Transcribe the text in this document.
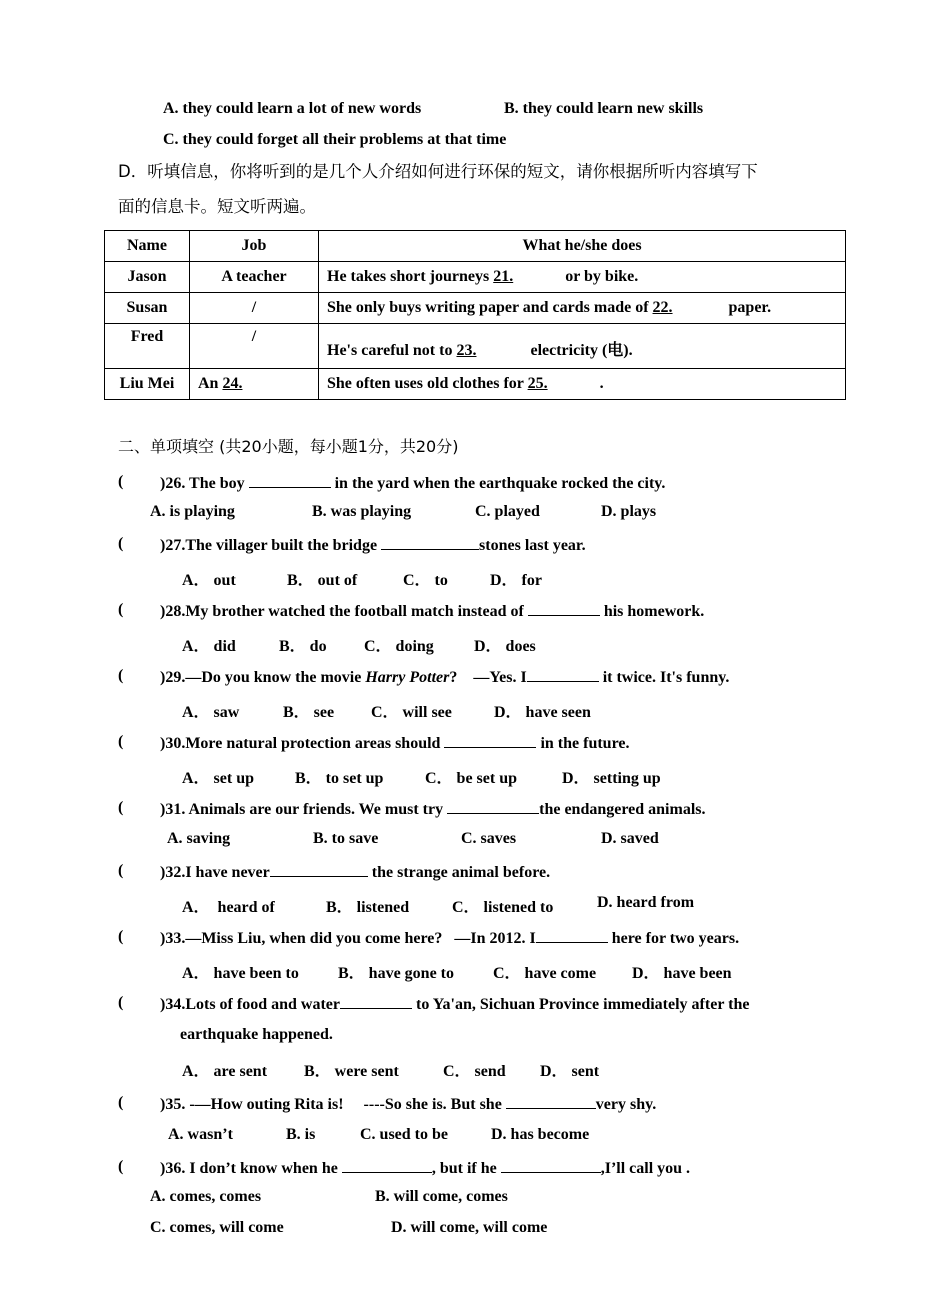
A. they could learn a lot of new words	B. they could learn new skills
C. they could forget all their problems at that time
D．听填信息，你将听到的是几个人介绍如何进行环保的短文，请你根据所听内容填写下
面的信息卡。短文听两遍。
Name	Job	What he/she does
Jason	A teacher	He takes short journeys 21. or by bike.
Susan	/	She only buys writing paper and cards made of 22. paper.
Fred	/	He's careful not to 23. electricity (电).
Liu Mei	An 24.	She often uses old clothes for 25. .
二、单项填空 (共20小题，每小题1分，共20分)
( )26. The boy	in the yard when the earthquake rocked the city.
A. is playing	B. was playing	C. played	D. plays
( )27.The villager built the bridge	stones last year.
A． out	B． out of	C． to	D． for
( )28.My brother watched the football match instead of	his homework.
A． did	B． do C． doing	D． does
( )29.—Do you know the movie Harry Potter?    —Yes. I	it twice. It's funny.
A． saw	B． see C． will see	D． have seen
( )30.More natural protection areas should	in the future.
A． set up	B． to set up	C． be set up	D． setting up
( )31. Animals are our friends. We must try	the endangered animals.
A. saving	B. to save	C. saves	D. saved
( )32.I have never	the strange animal before.
A．  heard of	B． listened	C． listened to	D. heard from
( )33.—Miss Liu, when did you come here?   —In 2012. I	here for two years.
A． have been to B． have gone to C． have come D． have been
( )34.Lots of food and water	to Ya'an, Sichuan Province immediately after the
earthquake happened.
A． are sent B． were sent	C． send D． sent
( )35. -—How outing Rita is!     ----So she is. But she	very shy.
A. wasn’t	B. is	C. used to be	D. has become
( )36. I don’t know when he	, but if he	,I’ll call you .
A. comes, comes	B. will come, comes
C. comes, will come	D. will come, will come
